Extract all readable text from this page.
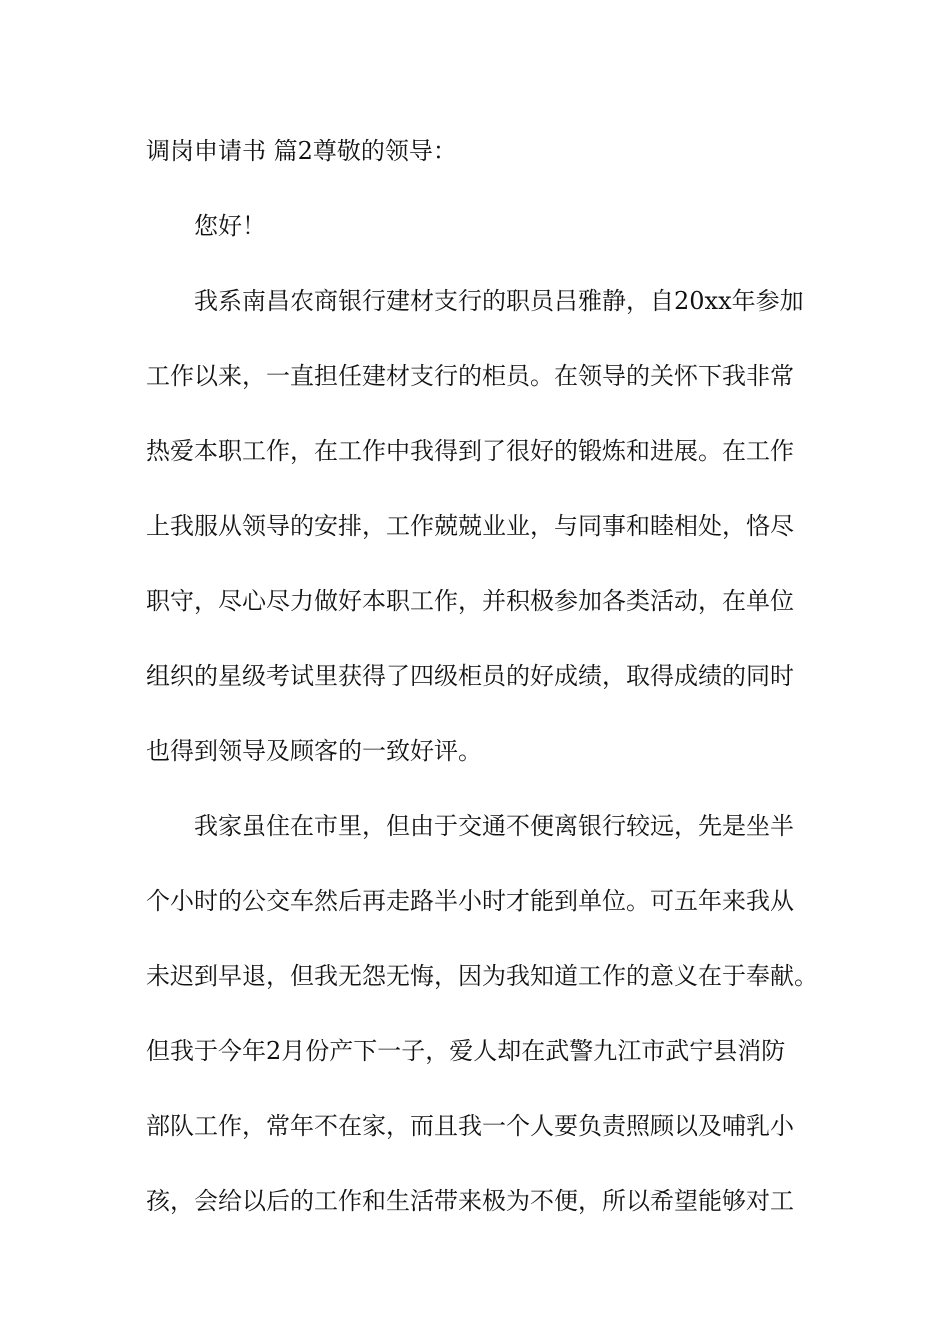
调岗申请书 篇2尊敬的领导：
您好！
我系南昌农商银行建材支行的职员吕雅静，自20xx年参加
工作以来，一直担任建材支行的柜员。在领导的关怀下我非常
热爱本职工作，在工作中我得到了很好的锻炼和进展。在工作
上我服从领导的安排，工作兢兢业业，与同事和睦相处，恪尽
职守，尽心尽力做好本职工作，并积极参加各类活动，在单位
组织的星级考试里获得了四级柜员的好成绩，取得成绩的同时
也得到领导及顾客的一致好评。
我家虽住在市里，但由于交通不便离银行较远，先是坐半
个小时的公交车然后再走路半小时才能到单位。可五年来我从
未迟到早退，但我无怨无悔，因为我知道工作的意义在于奉献。
但我于今年2月份产下一子，爱人却在武警九江市武宁县消防
部队工作，常年不在家，而且我一个人要负责照顾以及哺乳小
孩，会给以后的工作和生活带来极为不便，所以希望能够对工
